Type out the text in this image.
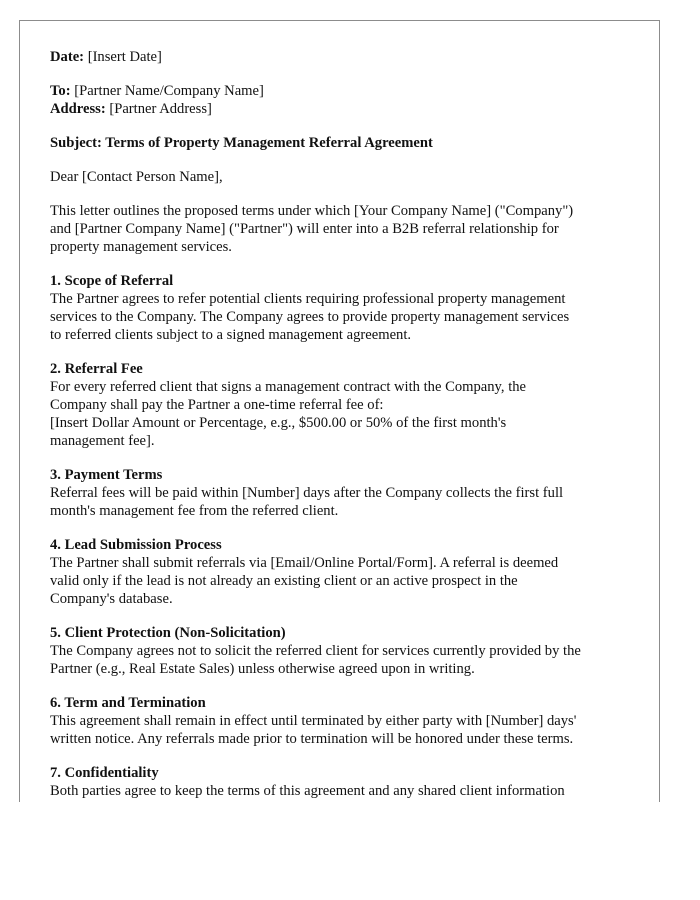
Date: [Insert Date]

To: [Partner Name/Company Name]

Address: [Partner Address]

Subject: Terms of Property Management Referral Agreement

Dear [Contact Person Name],

This letter outlines the proposed terms under which [Your Company Name] ("Company")
and [Partner Company Name] ("Partner") will enter into a B2B referral relationship for
property management services.

1. Scope of Referral

The Partner agrees to refer potential clients requiring professional property management
services to the Company. The Company agrees to provide property management services
to referred clients subject to a signed management agreement.

2. Referral Fee

For every referred client that signs a management contract with the Company, the
Company shall pay the Partner a one-time referral fee of:
[Insert Dollar Amount or Percentage, e.g., $500.00 or 50% of the first month's
management fee].

3. Payment Terms

Referral fees will be paid within [Number] days after the Company collects the first full
month's management fee from the referred client.

4. Lead Submission Process

The Partner shall submit referrals via [Email/Online Portal/Form]. A referral is deemed
valid only if the lead is not already an existing client or an active prospect in the
Company's database.

5. Client Protection (Non-Solicitation)

The Company agrees not to solicit the referred client for services currently provided by the
Partner (e.g., Real Estate Sales) unless otherwise agreed upon in writing.

6. Term and Termination

This agreement shall remain in effect until terminated by either party with [Number] days'
written notice. Any referrals made prior to termination will be honored under these terms.

7. Confidentiality

Both parties agree to keep the terms of this agreement and any shared client information
